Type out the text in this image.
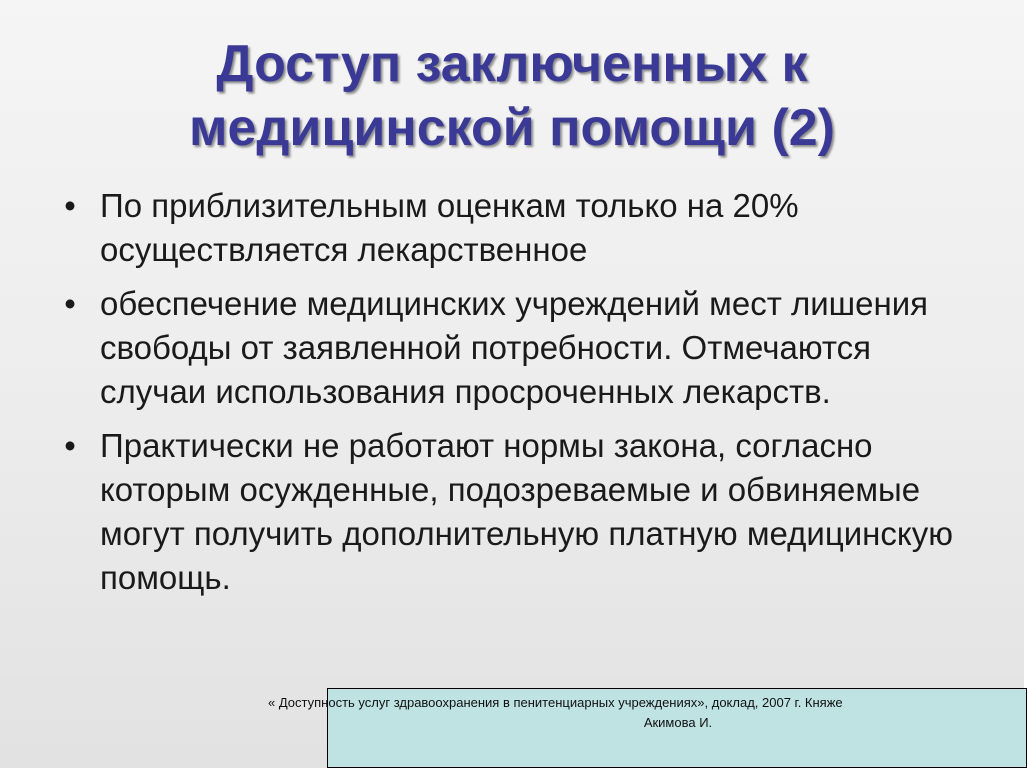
Доступ заключенных к
медицинской помощи (2)
• По приблизительным оценкам только на 20% осуществляется лекарственное
• обеспечение медицинских учреждений мест лишения свободы от заявленной потребности. Отмечаются случаи использования просроченных лекарств.
• Практически не работают нормы закона, согласно которым осужденные, подозреваемые и обвиняемые могут получить дополнительную платную медицинскую помощь.
« Доступность услуг здравоохранения в пенитенциарных учреждениях», доклад, 2007 г. Княже
Акимова И.
